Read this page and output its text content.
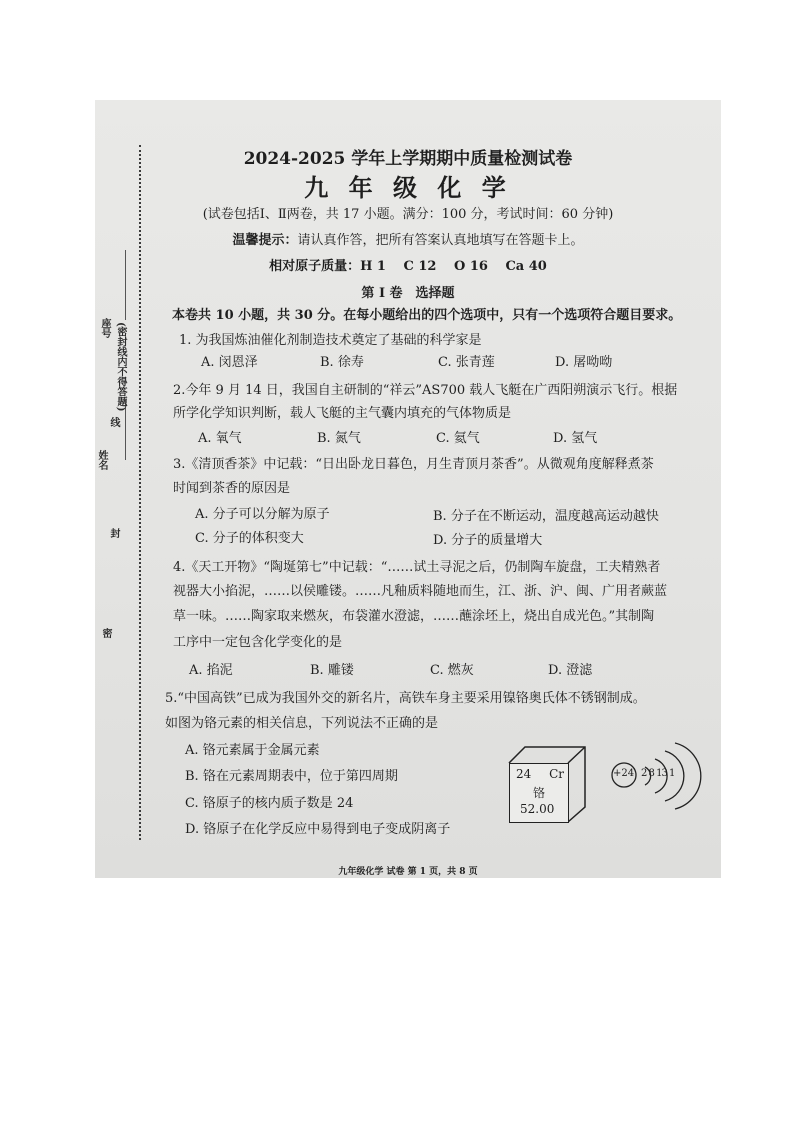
座号 (密封线内不得答题)
姓名
线
封
密
2024-2025 学年上学期期中质量检测试卷
九 年 级 化 学
(试卷包括Ⅰ、Ⅱ两卷，共 17 小题。满分：100 分，考试时间：60 分钟)
温馨提示：请认真作答，把所有答案认真地填写在答题卡上。
相对原子质量：H 1 　C 12 　O 16 　Ca 40
第 Ⅰ 卷　选择题
本卷共 10 小题，共 30 分。在每小题给出的四个选项中，只有一个选项符合题目要求。
1. 为我国炼油催化剂制造技术奠定了基础的科学家是
A. 闵恩泽	B. 徐寿	C. 张青莲	D. 屠呦呦
2.今年 9 月 14 日，我国自主研制的“祥云”AS700 载人飞艇在广西阳朔演示飞行。根据
所学化学知识判断，载人飞艇的主气囊内填充的气体物质是
A. 氧气	B. 氮气	C. 氦气	D. 氢气
3.《清顶香茶》中记载：“日出卧龙日暮色，月生青顶月茶香”。从微观角度解释煮茶
时闻到茶香的原因是
A. 分子可以分解为原子	B. 分子在不断运动，温度越高运动越快
C. 分子的体积变大	D. 分子的质量增大
4.《天工开物》“陶埏第七”中记载：“……试土寻泥之后，仍制陶车旋盘，工夫精熟者
视器大小掐泥，……以侯雕镂。……凡釉质料随地而生，江、浙、沪、闽、广用者蕨蓝
草一味。……陶家取来燃灰，布袋灌水澄滤，……蘸涂坯上，烧出自成光色。”其制陶
工序中一定包含化学变化的是
A. 掐泥	B. 雕镂	C. 燃灰	D. 澄滤
5.“中国高铁”已成为我国外交的新名片，高铁车身主要采用镍铬奥氏体不锈钢制成。
如图为铬元素的相关信息，下列说法不正确的是
A. 铬元素属于金属元素
B. 铬在元素周期表中，位于第四周期
C. 铬原子的核内质子数是 24
D. 铬原子在化学反应中易得到电子变成阴离子
24 Cr
铬
52.00
+24 2 8 13 1
九年级化学 试卷 第 1 页，共 8 页
